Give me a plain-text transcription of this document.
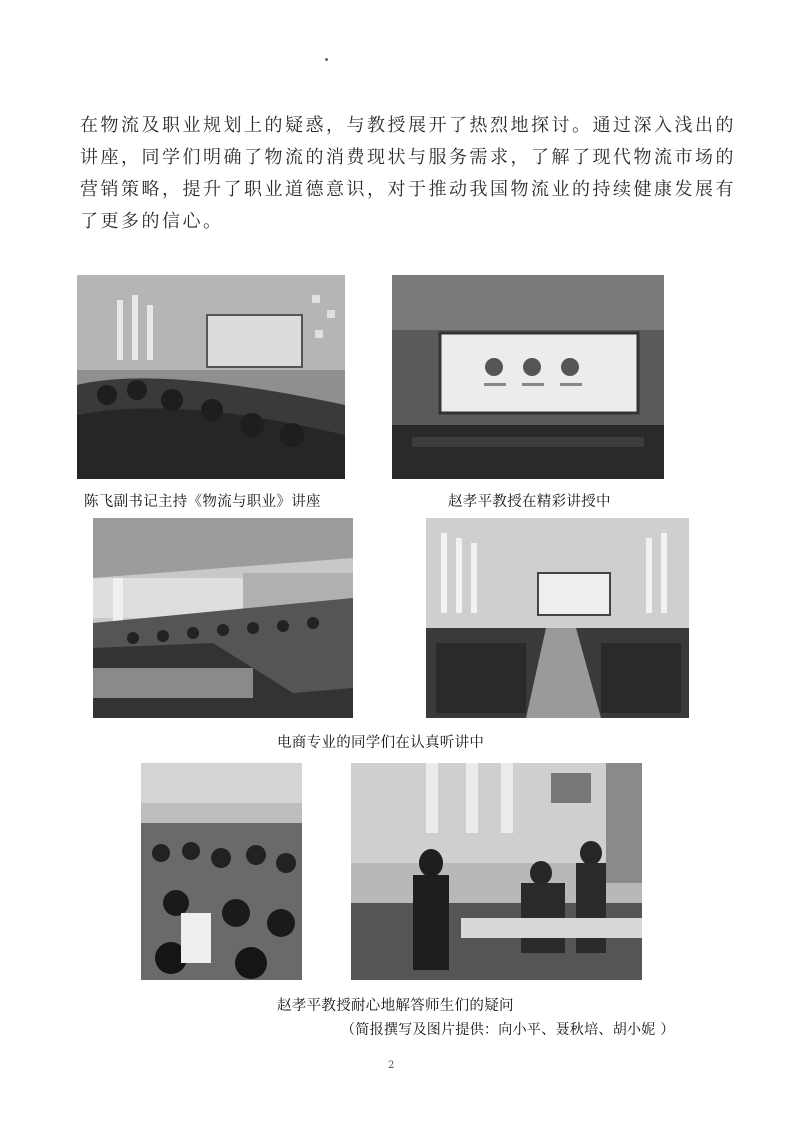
在物流及职业规划上的疑惑，与教授展开了热烈地探讨。通过深入浅出的
讲座，同学们明确了物流的消费现状与服务需求，了解了现代物流市场的
营销策略，提升了职业道德意识，对于推动我国物流业的持续健康发展有
了更多的信心。
陈飞副书记主持《物流与职业》讲座	赵孝平教授在精彩讲授中
电商专业的同学们在认真听讲中
赵孝平教授耐心地解答师生们的疑问
（简报撰写及图片提供：向小平、聂秋培、胡小妮 ）
2
